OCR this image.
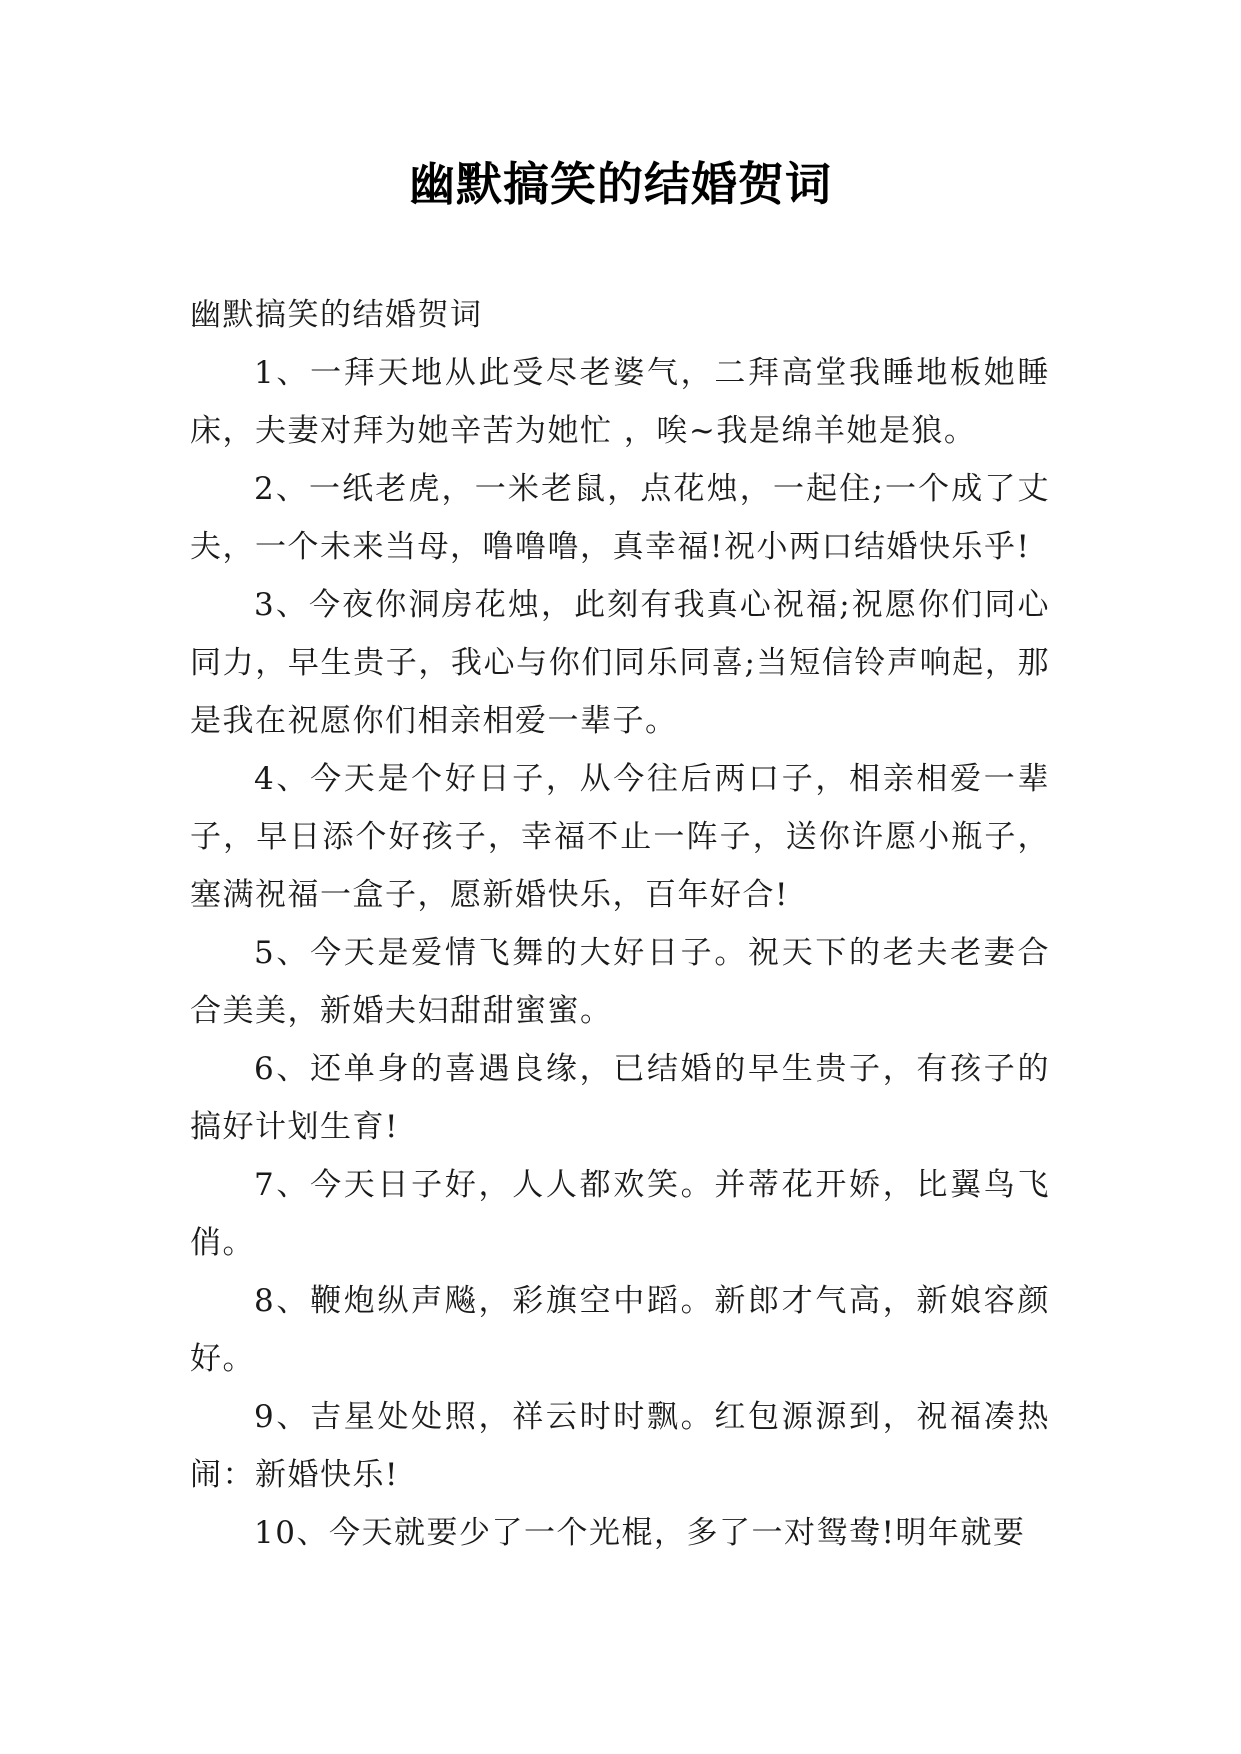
幽默搞笑的结婚贺词

幽默搞笑的结婚贺词

1、一拜天地从此受尽老婆气，二拜高堂我睡地板她睡床，夫妻对拜为她辛苦为她忙 ，唉~我是绵羊她是狼。

2、一纸老虎，一米老鼠，点花烛，一起住;一个成了丈夫，一个未来当母，噜噜噜，真幸福!祝小两口结婚快乐乎!

3、今夜你洞房花烛，此刻有我真心祝福;祝愿你们同心同力，早生贵子，我心与你们同乐同喜;当短信铃声响起，那是我在祝愿你们相亲相爱一辈子。

4、今天是个好日子，从今往后两口子，相亲相爱一辈子，早日添个好孩子，幸福不止一阵子，送你许愿小瓶子，塞满祝福一盒子，愿新婚快乐，百年好合!

5、今天是爱情飞舞的大好日子。祝天下的老夫老妻合合美美，新婚夫妇甜甜蜜蜜。

6、还单身的喜遇良缘，已结婚的早生贵子，有孩子的搞好计划生育!

7、今天日子好，人人都欢笑。并蒂花开娇，比翼鸟飞俏。

8、鞭炮纵声飚，彩旗空中蹈。新郎才气高，新娘容颜好。

9、吉星处处照，祥云时时飘。红包源源到，祝福凑热闹：新婚快乐!

10、今天就要少了一个光棍，多了一对鸳鸯!明年就要
